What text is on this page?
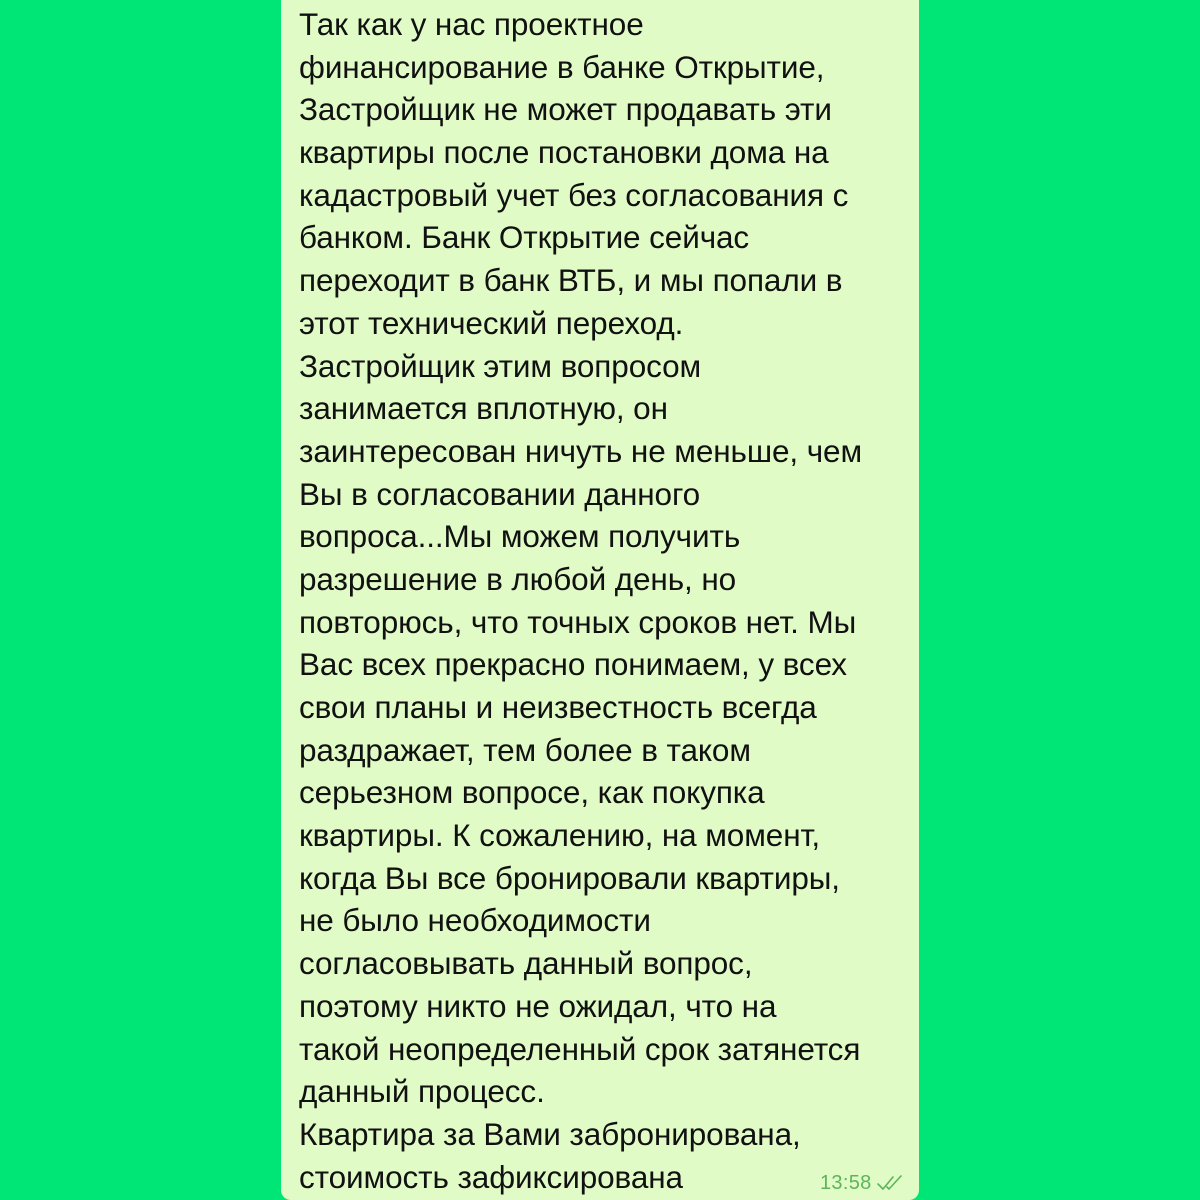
Так как у нас проектное
финансирование в банке Открытие,
Застройщик не может продавать эти
квартиры после постановки дома на
кадастровый учет без согласования с
банком. Банк Открытие сейчас
переходит в банк ВТБ, и мы попали в
этот технический переход.
Застройщик этим вопросом
занимается вплотную, он
заинтересован ничуть не меньше, чем
Вы в согласовании данного
вопроса...Мы можем получить
разрешение в любой день, но
повторюсь, что точных сроков нет. Мы
Вас всех прекрасно понимаем, у всех
свои планы и неизвестность всегда
раздражает, тем более в таком
серьезном вопросе, как покупка
квартиры. К сожалению, на момент,
когда Вы все бронировали квартиры,
не было необходимости
согласовывать данный вопрос,
поэтому никто не ожидал, что на
такой неопределенный срок затянется
данный процесс.
Квартира за Вами забронирована,
стоимость зафиксирована	13:58
